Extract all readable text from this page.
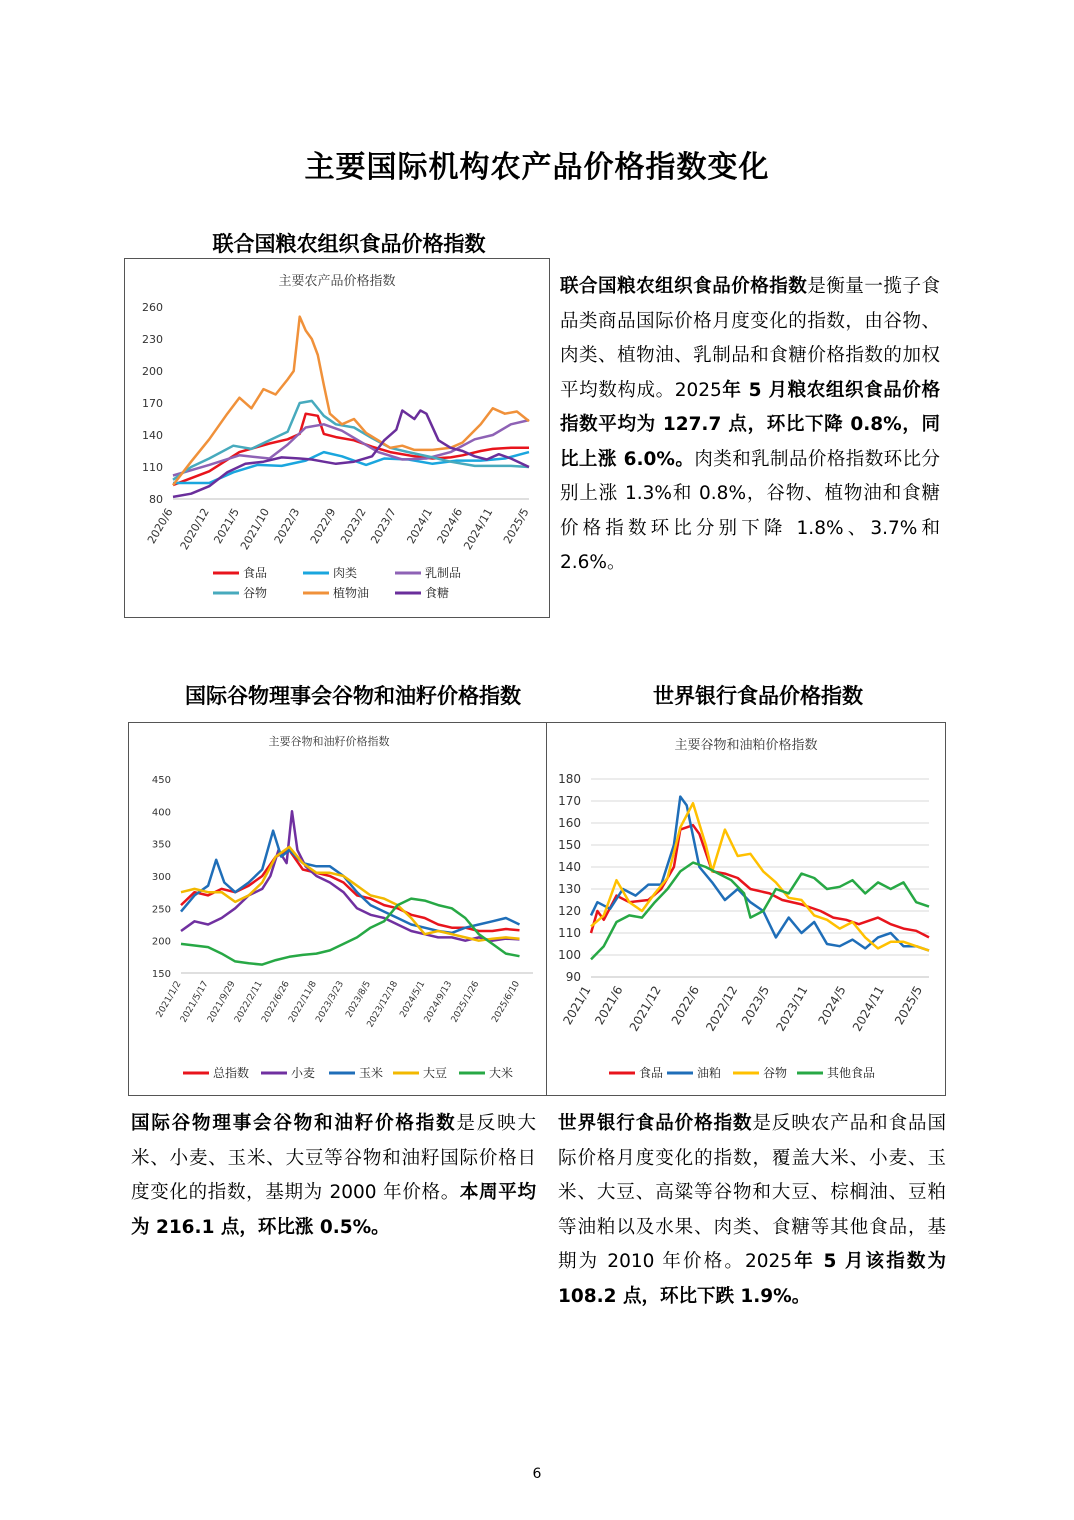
主要国际机构农产品价格指数变化
联合国粮农组织食品价格指数
主要农产品价格指数
80
110
140
170
200
230
260
2020/6 2020/12 2021/5
2021/10 2022/3 2022/9 2023/2 2023/7 2024/1 2024/6
2024/11 2025/5
食品	肉类	乳制品
谷物	植物油	食糖
联合国粮农组织食品价格指数是衡量一揽子食品类商品国际价格月度变化的指数，由谷物、肉类、植物油、乳制品和食糖价格指数的加权平均数构成。2025年 5 月粮农组织食品价格指数平均为 127.7 点，环比下降 0.8%，同比上涨 6.0%。肉类和乳制品价格指数环比分别上涨 1.3%和 0.8%，谷物、植物油和食糖价格指数环比分别下降 1.8%、3.7%和 2.6%。
国际谷物理事会谷物和油籽价格指数
主要谷物和油籽价格指数
150
200
250
300
350
400
450
2021/1/2
2021/5/17
2021/9/29
2022/2/11
2022/6/26
2022/11/8
2023/3/23
2023/8/5
2023/12/18
2024/5/1
2024/9/13
2025/1/26 2025/6/10
总指数	小麦	玉米	大豆	大米
国际谷物理事会谷物和油籽价格指数是反映大米、小麦、玉米、大豆等谷物和油籽国际价格日度变化的指数，基期为 2000 年价格。本周平均为 216.1 点，环比涨 0.5%。
世界银行食品价格指数
主要谷物和油粕价格指数
90
100
110
120
130
140
150
160
170
180
2021/1
2021/6 2021/12 2022/6 2022/12
2023/5 2023/11 2024/5 2024/11 2025/5
食品	油粕	谷物	其他食品
世界银行食品价格指数是反映农产品和食品国际价格月度变化的指数，覆盖大米、小麦、玉米、大豆、高粱等谷物和大豆、棕榈油、豆粕等油粕以及水果、肉类、食糖等其他食品，基期为 2010 年价格。2025年 5 月该指数为 108.2 点，环比下跌 1.9%。
6
